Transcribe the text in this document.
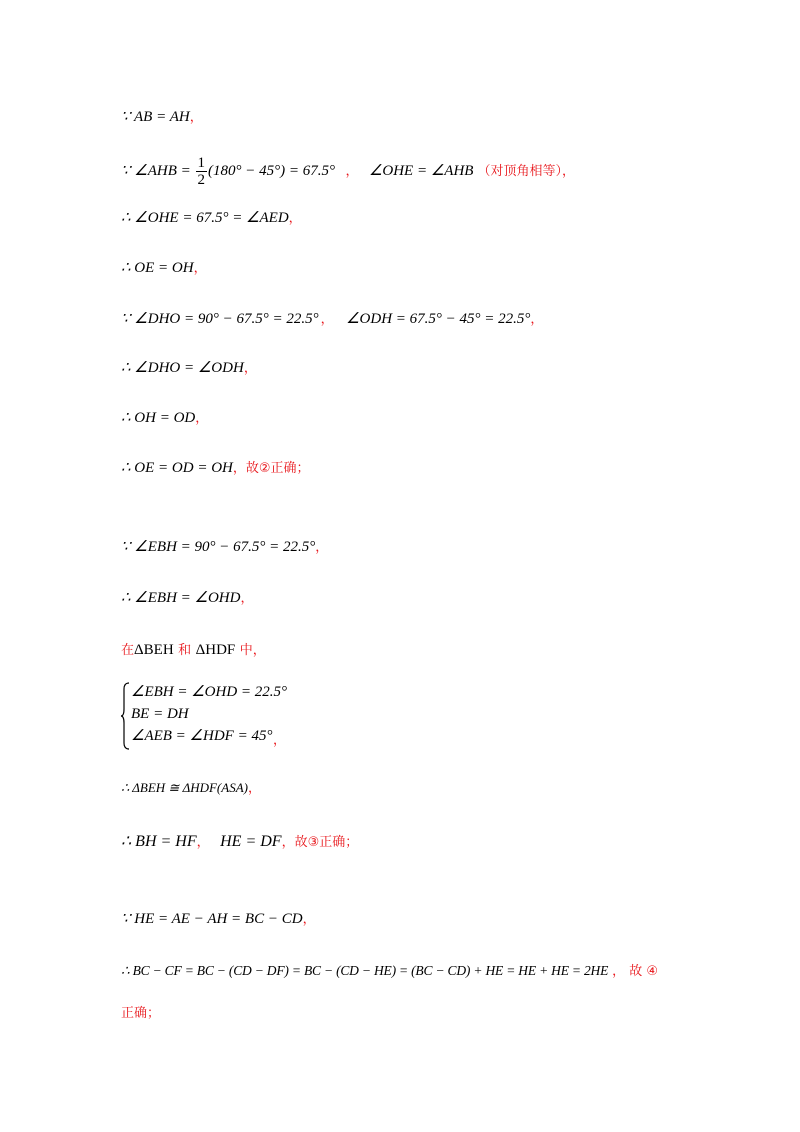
∵ AB = AH，
∵ ∠AHB = $\frac{1}{2} (180^\circ - 45^\circ) = 67.5^\circ$ ， ∠OHE = ∠AHB （对顶角相等），
∴ ∠OHE = 67.5° = ∠AED，
∴ OE = OH，
∵ ∠DHO = 90° − 67.5° = 22.5° ， ∠ODH = 67.5° − 45° = 22.5°，
∴ ∠DHO = ∠ODH，
∴ OH = OD，
∴ OE = OD = OH，故②正确；
∵ ∠EBH = 90° − 67.5° = 22.5°，
∴ ∠EBH = ∠OHD，
在ΔBEH 和 ΔHDF 中，
∠EBH = ∠OHD = 22.5°
BE = DH
∠AEB = ∠HDF = 45° ，
∴ ΔBEH ≅ ΔHDF(ASA)，
∴ BH = HF， HE = DF，故③正确；
∵ HE = AE − AH = BC − CD，
∴ BC − CF = BC − (CD − DF) = BC − (CD − HE) = (BC − CD) + HE = HE + HE = 2HE ， 故 ④
正确；
